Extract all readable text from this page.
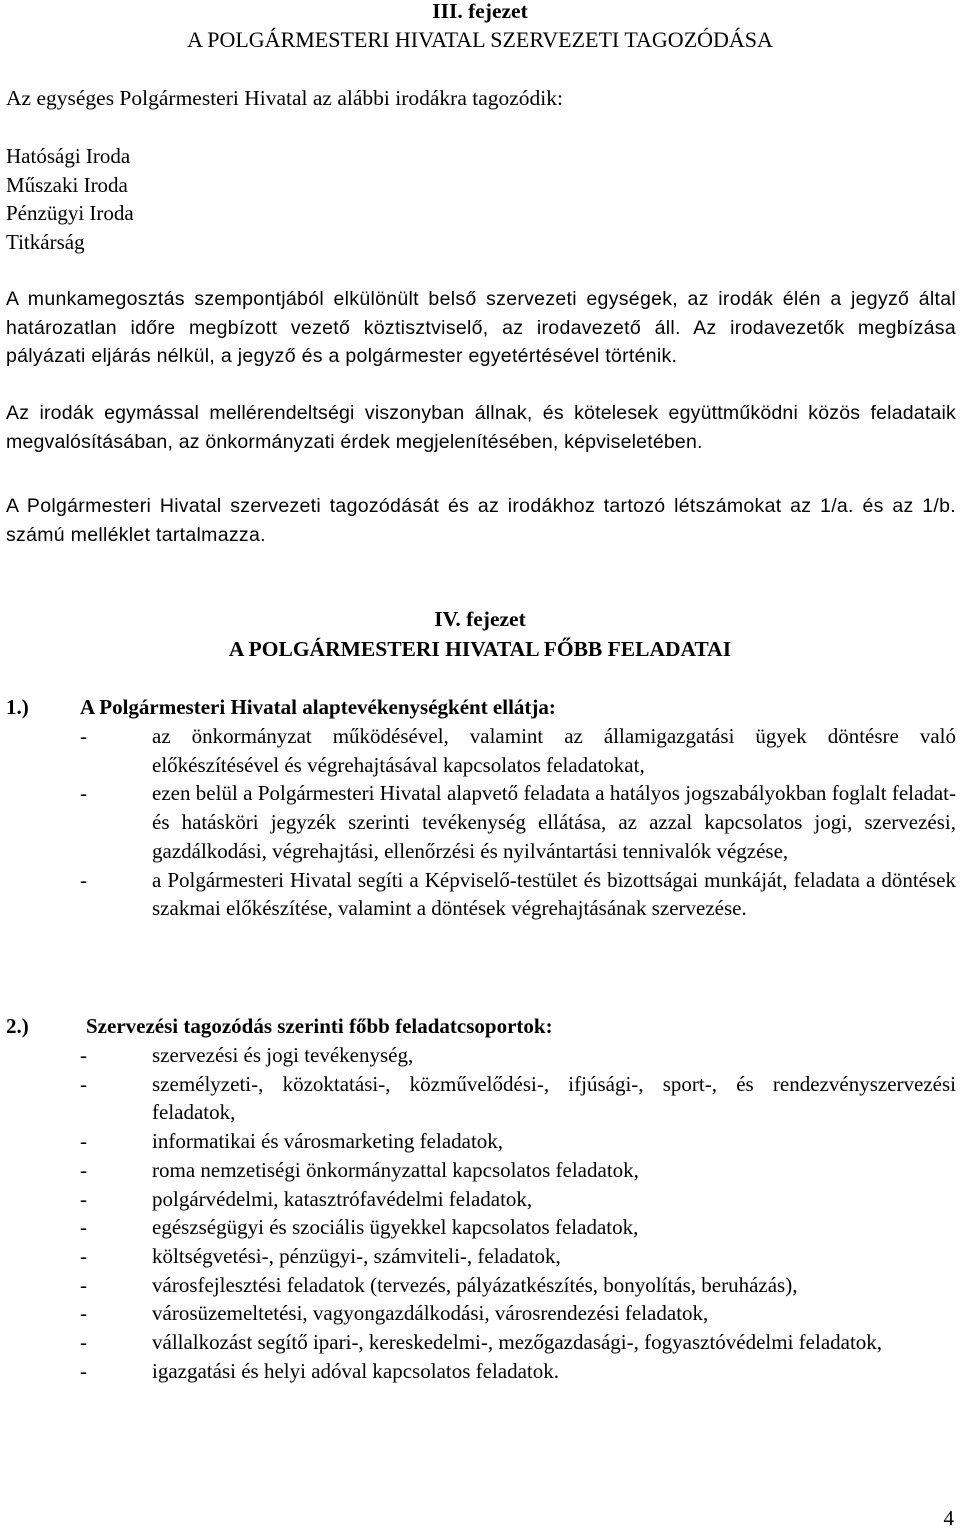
III. fejezet
A POLGÁRMESTERI HIVATAL SZERVEZETI TAGOZÓDÁSA
Az egységes Polgármesteri Hivatal az alábbi irodákra tagozódik:
Hatósági Iroda
Műszaki Iroda
Pénzügyi Iroda
Titkárság
A munkamegosztás szempontjából elkülönült belső szervezeti egységek, az irodák élén a jegyző által határozatlan időre megbízott vezető köztisztviselő, az irodavezető áll. Az irodavezetők megbízása pályázati eljárás nélkül, a jegyző és a polgármester egyetértésével történik.
Az irodák egymással mellérendeltségi viszonyban állnak, és kötelesek együttműködni közös feladataik megvalósításában, az önkormányzati érdek megjelenítésében, képviseletében.
A Polgármesteri Hivatal szervezeti tagozódását és az irodákhoz tartozó létszámokat az 1/a. és az 1/b. számú melléklet tartalmazza.
IV. fejezet
A POLGÁRMESTERI HIVATAL FŐBB FELADATAI
1.) A Polgármesteri Hivatal alaptevékenységként ellátja:
-	az önkormányzat működésével, valamint az államigazgatási ügyek döntésre való előkészítésével és végrehajtásával kapcsolatos feladatokat,
-	ezen belül a Polgármesteri Hivatal alapvető feladata a hatályos jogszabályokban foglalt feladat- és hatásköri jegyzék szerinti tevékenység ellátása, az azzal kapcsolatos jogi, szervezési, gazdálkodási, végrehajtási, ellenőrzési és nyilvántartási tennivalók végzése,
-	a Polgármesteri Hivatal segíti a Képviselő-testület és bizottságai munkáját, feladata a döntések szakmai előkészítése, valamint a döntések végrehajtásának szervezése.
2.)	Szervezési tagozódás szerinti főbb feladatcsoportok:
-	szervezési és jogi tevékenység,
-	személyzeti-, közoktatási-, közművelődési-, ifjúsági-, sport-, és rendezvényszervezési feladatok,
-	informatikai és városmarketing feladatok,
-	roma nemzetiségi önkormányzattal kapcsolatos feladatok,
-	polgárvédelmi, katasztrófavédelmi feladatok,
-	egészségügyi és szociális ügyekkel kapcsolatos feladatok,
-	költségvetési-, pénzügyi-, számviteli-, feladatok,
-	városfejlesztési feladatok (tervezés, pályázatkészítés, bonyolítás, beruházás),
-	városüzemeltetési, vagyongazdálkodási, városrendezési feladatok,
-	vállalkozást segítő ipari-, kereskedelmi-, mezőgazdasági-, fogyasztóvédelmi feladatok,
-	igazgatási és helyi adóval kapcsolatos feladatok.
4
